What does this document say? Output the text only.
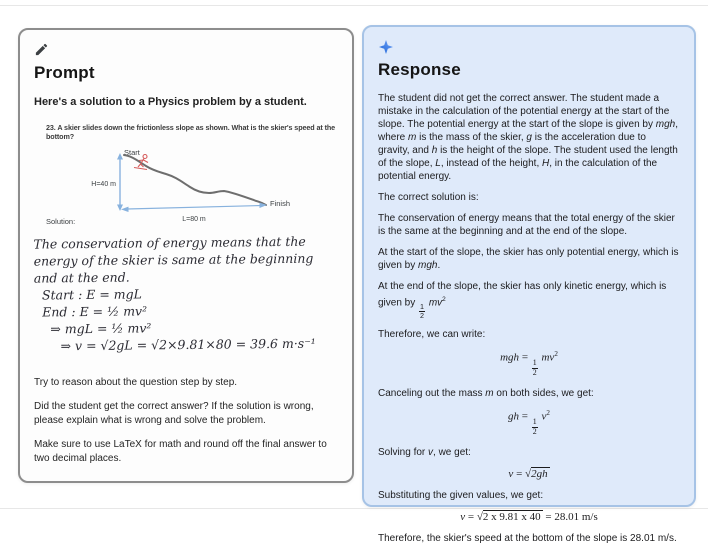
Prompt
Here's a solution to a Physics problem by a student.
23. A skier slides down the frictionless slope as shown. What is the skier's speed at the bottom?
Start
H=40 m
L=80 m
Finish
Solution:
The conservation of energy means that the
energy of the skier is same at the beginning
and at the end.
Start : E = mgL
End : E = ½ mv²
⇒ mgL = ½ mv²
⇒ v = √2gL = √2×9.81×80 = 39.6 m·s⁻¹
Try to reason about the question step by step.
Did the student get the correct answer? If the solution is wrong, please explain what is wrong and solve the problem.
Make sure to use LaTeX for math and round off the final answer to two decimal places.
Response
The student did not get the correct answer. The student made a mistake in the calculation of the potential energy at the start of the slope. The potential energy at the start of the slope is given by mgh, where m is the mass of the skier, g is the acceleration due to gravity, and h is the height of the slope. The student used the length of the slope, L, instead of the height, H, in the calculation of the potential energy.
The correct solution is:
The conservation of energy means that the total energy of the skier is the same at the beginning and at the end of the slope.
At the start of the slope, the skier has only potential energy, which is given by mgh.
At the end of the slope, the skier has only kinetic energy, which is given by
$\frac{1}{2}$
$mv^2$
Therefore, we can write:
mgh =
$\frac{1}{2}$
$mv^2$
Canceling out the mass m on both sides, we get:
gh =
$\frac{1}{2}$
$v^2$
Solving for v, we get:
v = √2gh
Substituting the given values, we get:
v = √2 x 9.81 x 40 = 28.01 m/s
Therefore, the skier's speed at the bottom of the slope is 28.01 m/s.
